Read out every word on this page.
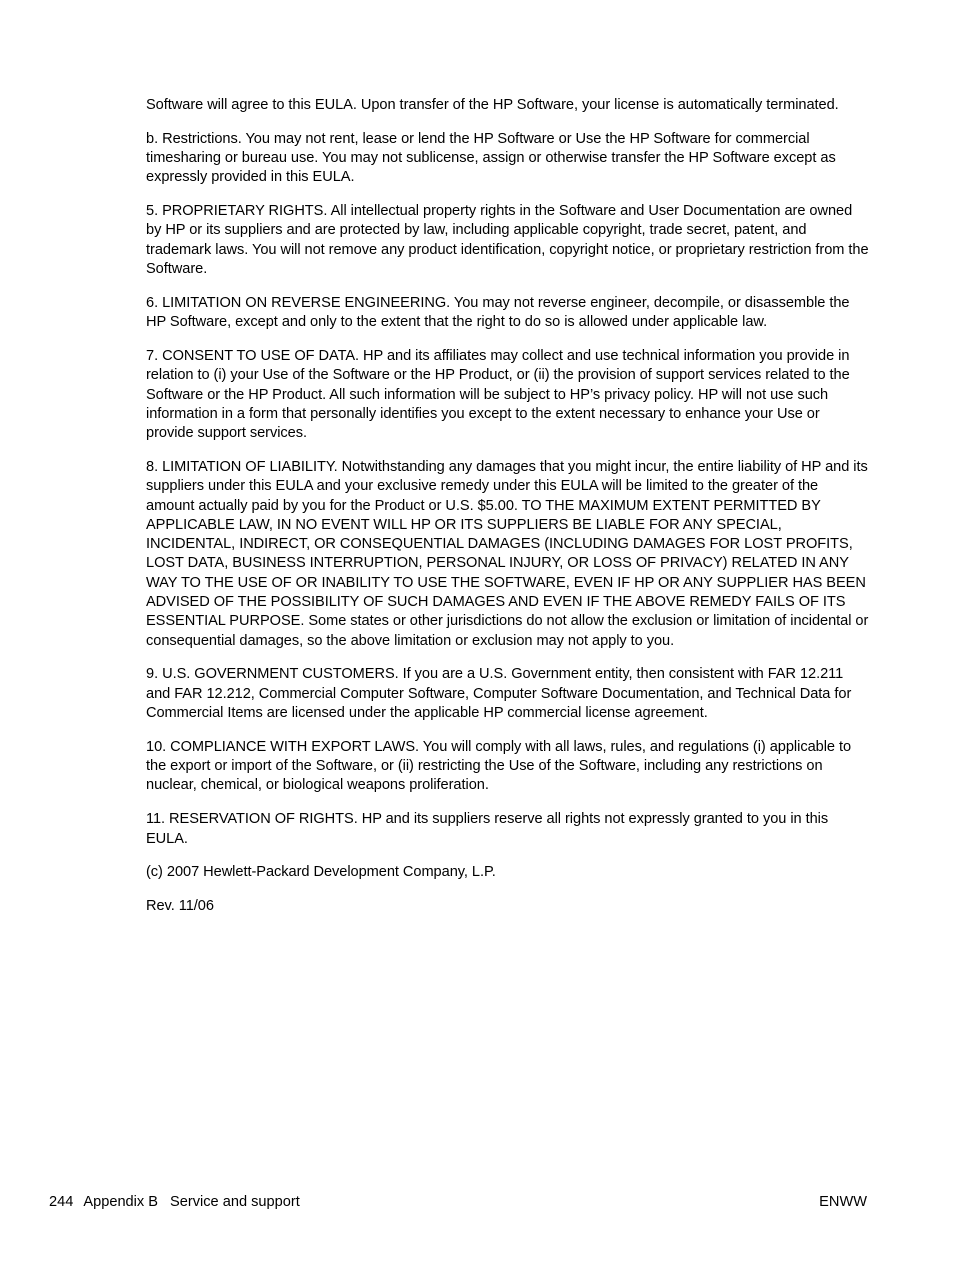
Software will agree to this EULA. Upon transfer of the HP Software, your license is automatically terminated.

b. Restrictions. You may not rent, lease or lend the HP Software or Use the HP Software for commercial timesharing or bureau use. You may not sublicense, assign or otherwise transfer the HP Software except as expressly provided in this EULA.

5. PROPRIETARY RIGHTS. All intellectual property rights in the Software and User Documentation are owned by HP or its suppliers and are protected by law, including applicable copyright, trade secret, patent, and trademark laws. You will not remove any product identification, copyright notice, or proprietary restriction from the Software.

6. LIMITATION ON REVERSE ENGINEERING. You may not reverse engineer, decompile, or disassemble the HP Software, except and only to the extent that the right to do so is allowed under applicable law.

7. CONSENT TO USE OF DATA. HP and its affiliates may collect and use technical information you provide in relation to (i) your Use of the Software or the HP Product, or (ii) the provision of support services related to the Software or the HP Product. All such information will be subject to HP’s privacy policy. HP will not use such information in a form that personally identifies you except to the extent necessary to enhance your Use or provide support services.

8. LIMITATION OF LIABILITY. Notwithstanding any damages that you might incur, the entire liability of HP and its suppliers under this EULA and your exclusive remedy under this EULA will be limited to the greater of the amount actually paid by you for the Product or U.S. $5.00. TO THE MAXIMUM EXTENT PERMITTED BY APPLICABLE LAW, IN NO EVENT WILL HP OR ITS SUPPLIERS BE LIABLE FOR ANY SPECIAL, INCIDENTAL, INDIRECT, OR CONSEQUENTIAL DAMAGES (INCLUDING DAMAGES FOR LOST PROFITS, LOST DATA, BUSINESS INTERRUPTION, PERSONAL INJURY, OR LOSS OF PRIVACY) RELATED IN ANY WAY TO THE USE OF OR INABILITY TO USE THE SOFTWARE, EVEN IF HP OR ANY SUPPLIER HAS BEEN ADVISED OF THE POSSIBILITY OF SUCH DAMAGES AND EVEN IF THE ABOVE REMEDY FAILS OF ITS ESSENTIAL PURPOSE. Some states or other jurisdictions do not allow the exclusion or limitation of incidental or consequential damages, so the above limitation or exclusion may not apply to you.

9. U.S. GOVERNMENT CUSTOMERS. If you are a U.S. Government entity, then consistent with FAR 12.211 and FAR 12.212, Commercial Computer Software, Computer Software Documentation, and Technical Data for Commercial Items are licensed under the applicable HP commercial license agreement.

10. COMPLIANCE WITH EXPORT LAWS. You will comply with all laws, rules, and regulations (i) applicable to the export or import of the Software, or (ii) restricting the Use of the Software, including any restrictions on nuclear, chemical, or biological weapons proliferation.

11. RESERVATION OF RIGHTS. HP and its suppliers reserve all rights not expressly granted to you in this EULA.

(c) 2007 Hewlett-Packard Development Company, L.P.

Rev. 11/06

244 Appendix B Service and support	ENWW
